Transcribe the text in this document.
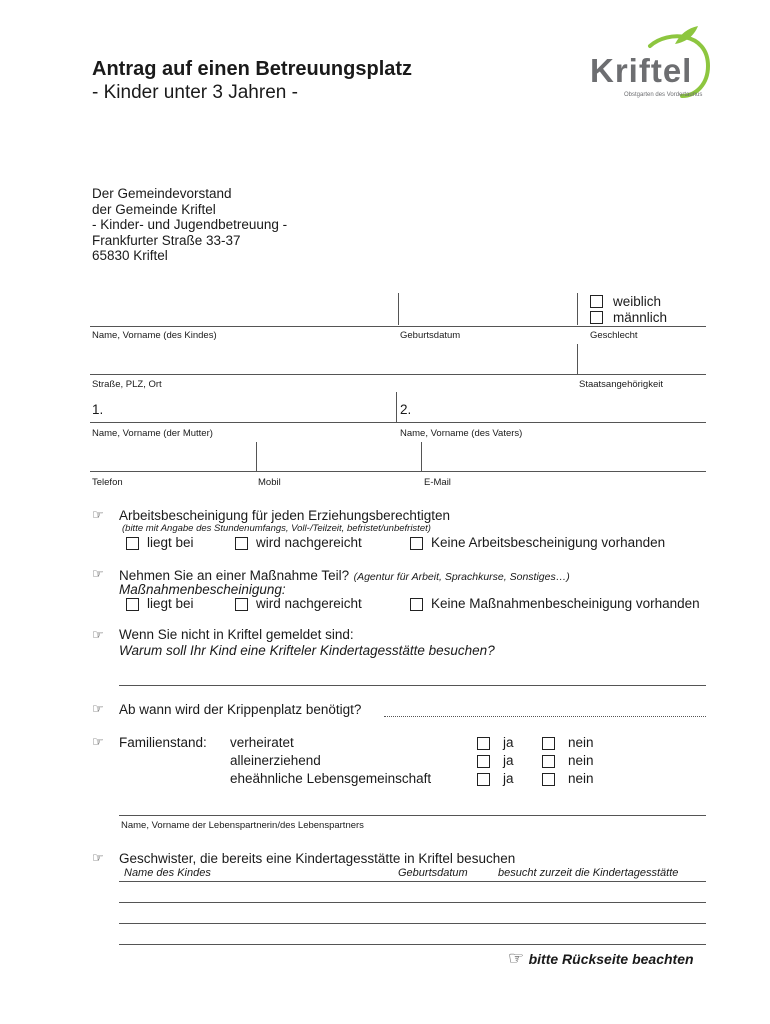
Antrag auf einen Betreuungsplatz
- Kinder unter 3 Jahren -
Kriftel
Obstgarten des Vordertaunus
Der Gemeindevorstand
der Gemeinde Kriftel
- Kinder- und Jugendbetreuung -
Frankfurter Straße 33-37
65830 Kriftel
weiblich
männlich
Name, Vorname (des Kindes)	Geburtsdatum	Geschlecht
Straße, PLZ, Ort	Staatsangehörigkeit
1.	2.
Name, Vorname (der Mutter)	Name, Vorname (des Vaters)
Telefon	Mobil	E-Mail
☞ Arbeitsbescheinigung für jeden Erziehungsberechtigten
(bitte mit Angabe des Stundenumfangs, Voll-/Teilzeit, befristet/unbefristet)
liegt bei	wird nachgereicht	Keine Arbeitsbescheinigung vorhanden
☞ Nehmen Sie an einer Maßnahme Teil? (Agentur für Arbeit, Sprachkurse, Sonstiges…)
Maßnahmenbescheinigung:
liegt bei	wird nachgereicht	Keine Maßnahmenbescheinigung vorhanden
☞ Wenn Sie nicht in Kriftel gemeldet sind:
Warum soll Ihr Kind eine Krifteler Kindertagesstätte besuchen?
☞ Ab wann wird der Krippenplatz benötigt?
☞ Familienstand: verheiratet	ja	nein
alleinerziehend	ja	nein
eheähnliche Lebensgemeinschaft	ja	nein
Name, Vorname der Lebenspartnerin/des Lebenspartners
☞ Geschwister, die bereits eine Kindertagesstätte in Kriftel besuchen
Name des Kindes	Geburtsdatum	besucht zurzeit die Kindertagesstätte
☞ bitte Rückseite beachten
